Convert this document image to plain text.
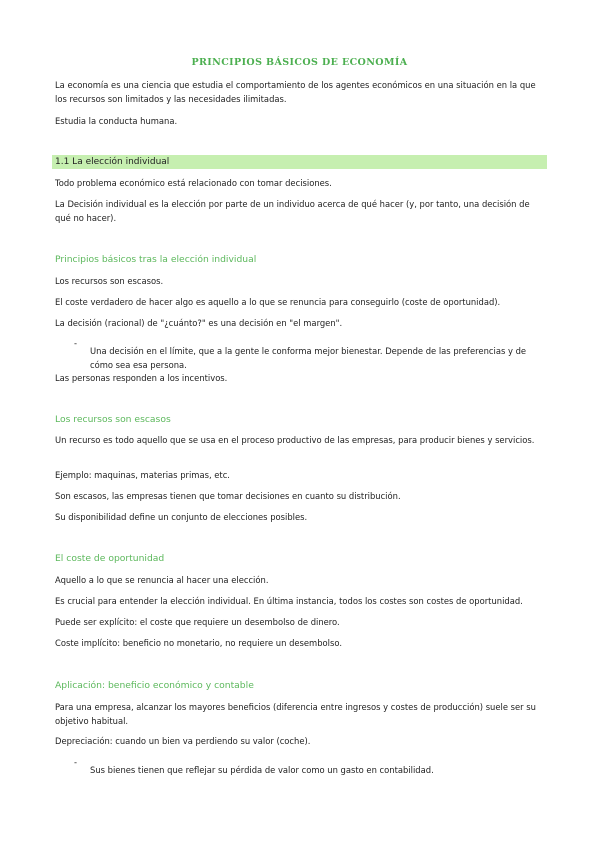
PRINCIPIOS BÁSICOS DE ECONOMÍA

La economía es una ciencia que estudia el comportamiento de los agentes económicos en una situación en la que los recursos son limitados y las necesidades ilimitadas.

Estudia la conducta humana.

1.1 La elección individual

Todo problema económico está relacionado con tomar decisiones.

La Decisión individual es la elección por parte de un individuo acerca de qué hacer (y, por tanto, una decisión de qué no hacer).

Principios básicos tras la elección individual

Los recursos son escasos.

El coste verdadero de hacer algo es aquello a lo que se renuncia para conseguirlo (coste de oportunidad).

La decisión (racional) de "¿cuánto?" es una decisión en "el margen".

-

Una decisión en el límite, que a la gente le conforma mejor bienestar. Depende de las preferencias y de cómo sea esa persona.

Las personas responden a los incentivos.

Los recursos son escasos

Un recurso es todo aquello que se usa en el proceso productivo de las empresas, para producir bienes y servicios.

Ejemplo: maquinas, materias primas, etc.

Son escasos, las empresas tienen que tomar decisiones en cuanto su distribución.

Su disponibilidad define un conjunto de elecciones posibles.

El coste de oportunidad

Aquello a lo que se renuncia al hacer una elección.

Es crucial para entender la elección individual. En última instancia, todos los costes son costes de oportunidad.

Puede ser explícito: el coste que requiere un desembolso de dinero.

Coste implícito: beneficio no monetario, no requiere un desembolso.

Aplicación: beneficio económico y contable

Para una empresa, alcanzar los mayores beneficios (diferencia entre ingresos y costes de producción) suele ser su objetivo habitual.

Depreciación: cuando un bien va perdiendo su valor (coche).

-

Sus bienes tienen que reflejar su pérdida de valor como un gasto en contabilidad.
